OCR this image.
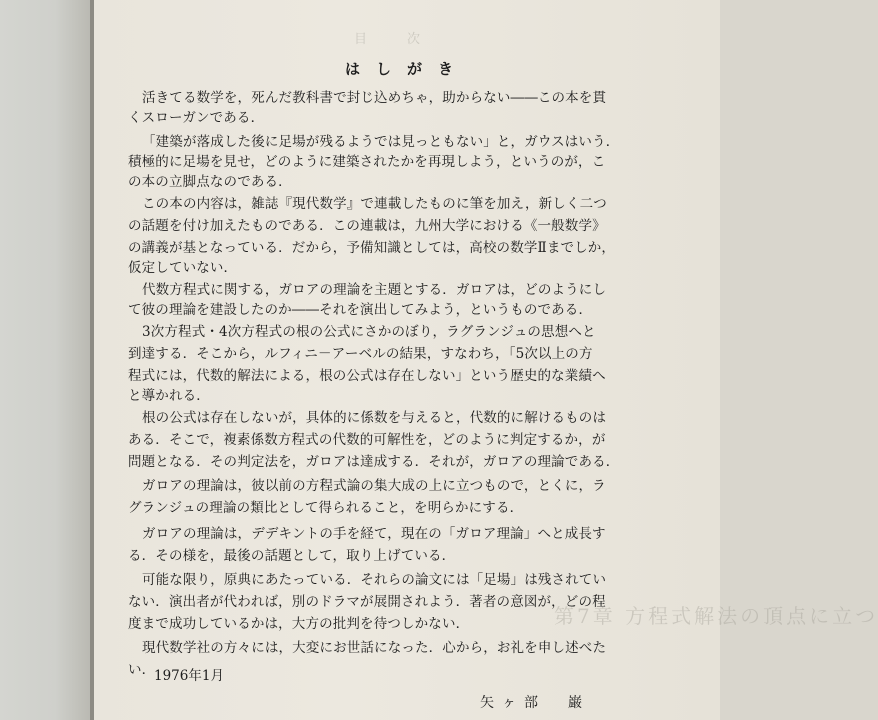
目次
第7章 方程式解法の頂点に立つ
はしがき
活きてる数学を，死んだ教科書で封じ込めちゃ，助からない――この本を貫
くスローガンである．
「建築が落成した後に足場が残るようでは見っともない」と，ガウスはいう．
積極的に足場を見せ，どのように建築されたかを再現しよう，というのが，こ
の本の立脚点なのである．
この本の内容は，雑誌『現代数学』で連載したものに筆を加え，新しく二つ
の話題を付け加えたものである．この連載は，九州大学における《一般数学》
の講義が基となっている．だから，予備知識としては，高校の数学Ⅱまでしか，
仮定していない．
代数方程式に関する，ガロアの理論を主題とする．ガロアは，どのようにし
て彼の理論を建設したのか――それを演出してみよう，というものである．
3次方程式・4次方程式の根の公式にさかのぼり，ラグランジュの思想へと
到達する．そこから，ルフィニ－アーベルの結果，すなわち，「5次以上の方
程式には，代数的解法による，根の公式は存在しない」という歴史的な業績へ
と導かれる．
根の公式は存在しないが，具体的に係数を与えると，代数的に解けるものは
ある．そこで，複素係数方程式の代数的可解性を，どのように判定するか，が
問題となる．その判定法を，ガロアは達成する．それが，ガロアの理論である．
ガロアの理論は，彼以前の方程式論の集大成の上に立つもので，とくに，ラ
グランジュの理論の類比として得られること，を明らかにする．
ガロアの理論は，デデキントの手を経て，現在の「ガロア理論」へと成長す
る．その様を，最後の話題として，取り上げている．
可能な限り，原典にあたっている．それらの論文には「足場」は残されてい
ない．演出者が代われば，別のドラマが展開されよう．著者の意図が，どの程
度まで成功しているかは，大方の批判を待つしかない．
現代数学社の方々には，大変にお世話になった．心から，お礼を申し述べた
い．
1976年1月
矢ヶ部　巌
